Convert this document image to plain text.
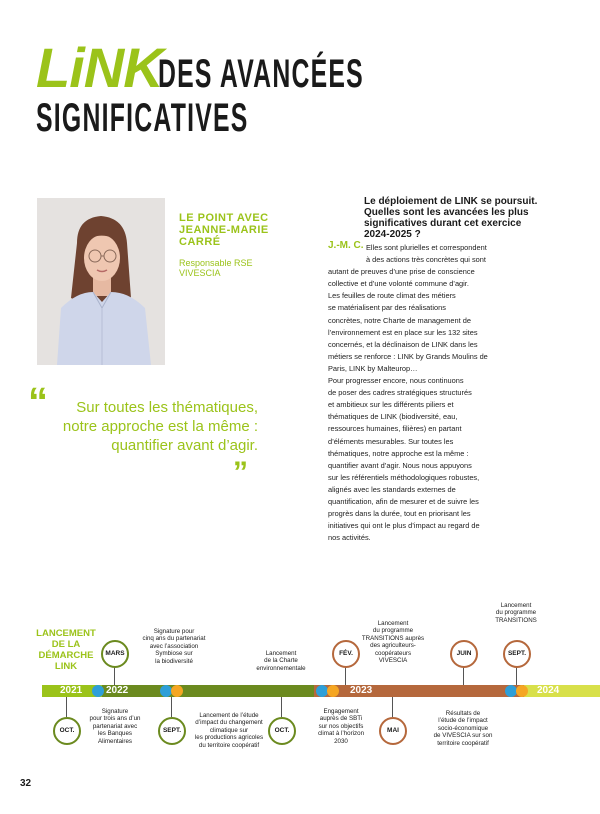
LiNK
DES AVANCÉES
SIGNIFICATIVES
LE POINT AVEC
JEANNE-MARIE
CARRÉ
Responsable RSE
VIVESCIA
“	Sur toutes les thématiques,
notre approche est la même :
quantifier avant d’agir.
”
Le déploiement de LINK se poursuit.
Quelles sont les avancées les plus
significatives durant cet exercice
2024-2025 ?
J.-M. C. Elles sont plurielles et correspondent
à des actions très concrètes qui sont
autant de preuves d’une prise de conscience
collective et d’une volonté commune d’agir.
Les feuilles de route climat des métiers
se matérialisent par des réalisations
concrètes, notre Charte de management de
l’environnement est en place sur les 132 sites
concernés, et la déclinaison de LINK dans les
métiers se renforce : LINK by Grands Moulins de
Paris, LINK by Malteurop…
Pour progresser encore, nous continuons
de poser des cadres stratégiques structurés
et ambitieux sur les différents piliers et
thématiques de LINK (biodiversité, eau,
ressources humaines, filières) en partant
d’éléments mesurables. Sur toutes les
thématiques, notre approche est la même :
quantifier avant d’agir. Nous nous appuyons
sur les référentiels méthodologiques robustes,
alignés avec les standards externes de
quantification, afin de mesurer et de suivre les
progrès dans la durée, tout en priorisant les
initiatives qui ont le plus d’impact au regard de
nos activités.
LANCEMENT
DE LA
DÉMARCHE
LINK
2021 2022	2023	2024
MARS
Signature pour
cinq ans du partenariat
avec l’association
Symbiose sur
la biodiversité
Lancement
de la Charte
environnementale
FÉV.
Lancement
du programme
TRANSITIONS auprès
des agriculteurs-
coopérateurs
VIVESCIA
JUIN
Lancement
du programme
TRANSITIONS
SEPT.
OCT.
Signature
pour trois ans d’un
partenariat avec
les Banques
Alimentaires
SEPT.
Lancement de l’étude
d’impact du changement
climatique sur
les productions agricoles
du territoire coopératif
OCT.
Engagement
auprès de SBTi
sur nos objectifs
climat à l’horizon
2030
MAI
Résultats de
l’étude de l’impact
socio-économique
de VIVESCIA sur son
territoire coopératif
32
